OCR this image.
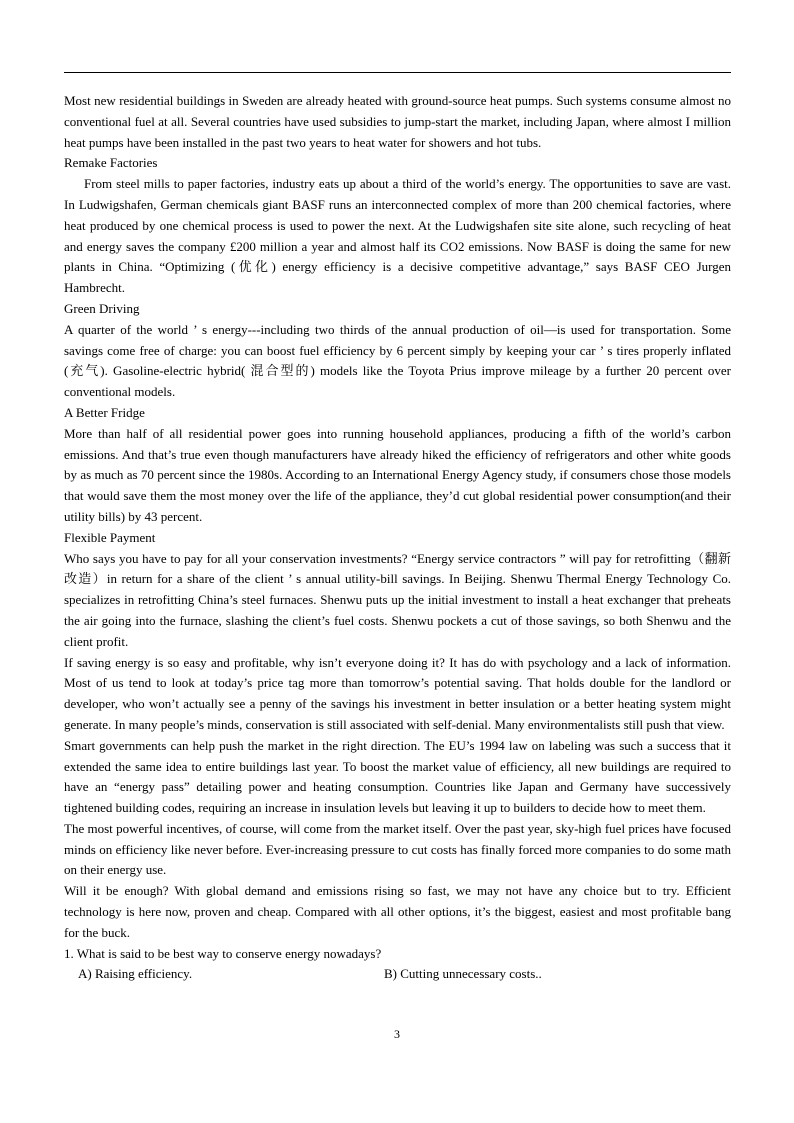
Most new residential buildings in Sweden are already heated with ground-source heat pumps. Such systems consume almost no conventional fuel at all. Several countries have used subsidies to jump-start the market, including Japan, where almost I million heat pumps have been installed in the past two years to heat water for showers and hot tubs.

Remake Factories

From steel mills to paper factories, industry eats up about a third of the world’s energy. The opportunities to save are vast. In Ludwigshafen, German chemicals giant BASF runs an interconnected complex of more than 200 chemical factories, where heat produced by one chemical process is used to power the next. At the Ludwigshafen site site alone, such recycling of heat and energy saves the company £200 million a year and almost half its CO2 emissions. Now BASF is doing the same for new plants in China. “Optimizing (优化) energy efficiency is a decisive competitive advantage,” says BASF CEO Jurgen Hambrecht.

Green Driving

A quarter of the world ’ s energy---including two thirds of the annual production of oil—is used for transportation. Some savings come free of charge: you can boost fuel efficiency by 6 percent simply by keeping your car ’ s tires properly inflated (充气). Gasoline-electric hybrid( 混合型的) models like the Toyota Prius improve mileage by a further 20 percent over conventional models.

A Better Fridge

More than half of all residential power goes into running household appliances, producing a fifth of the world’s carbon emissions. And that’s true even though manufacturers have already hiked the efficiency of refrigerators and other white goods by as much as 70 percent since the 1980s. According to an International Energy Agency study, if consumers chose those models that would save them the most money over the life of the appliance, they’d cut global residential power consumption(and their utility bills) by 43 percent.

Flexible Payment

Who says you have to pay for all your conservation investments? “Energy service contractors ” will pay for retrofitting（翻新改造）in return for a share of the client ’ s annual utility-bill savings. In Beijing. Shenwu Thermal Energy Technology Co. specializes in retrofitting China’s steel furnaces. Shenwu puts up the initial investment to install a heat exchanger that preheats the air going into the furnace, slashing the client’s fuel costs. Shenwu pockets a cut of those savings, so both Shenwu and the client profit.

If saving energy is so easy and profitable, why isn’t everyone doing it? It has do with psychology and a lack of information. Most of us tend to look at today’s price tag more than tomorrow’s potential saving. That holds double for the landlord or developer, who won’t actually see a penny of the savings his investment in better insulation or a better heating system might generate. In many people’s minds, conservation is still associated with self-denial. Many environmentalists still push that view.

Smart governments can help push the market in the right direction. The EU’s 1994 law on labeling was such a success that it extended the same idea to entire buildings last year. To boost the market value of efficiency, all new buildings are required to have an “energy pass” detailing power and heating consumption. Countries like Japan and Germany have successively tightened building codes, requiring an increase in insulation levels but leaving it up to builders to decide how to meet them.

The most powerful incentives, of course, will come from the market itself. Over the past year, sky-high fuel prices have focused minds on efficiency like never before. Ever-increasing pressure to cut costs has finally forced more companies to do some math on their energy use.

Will it be enough? With global demand and emissions rising so fast, we may not have any choice but to try. Efficient technology is here now, proven and cheap. Compared with all other options, it’s the biggest, easiest and most profitable bang for the buck.

1. What is said to be best way to conserve energy nowadays?
A) Raising efficiency.	B) Cutting unnecessary costs..
3
